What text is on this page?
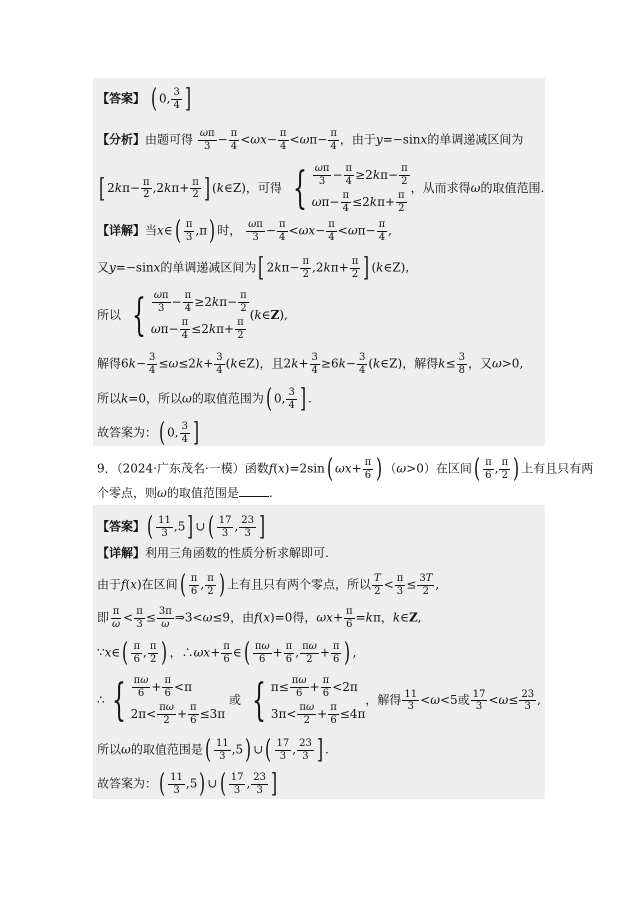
【答案】 ( 0, $\frac{3}{4}$ ]
【分析】由题可得 $\frac{\omega\pi}{3} - \frac{\pi}{4} <\omega x- \frac{\pi}{4} <\omega\pi- \frac{\pi}{4}$ ，由于y=−sinx的单调递减区间为
[ $2k\pi- \frac{\pi}{2} ,2k\pi+ \frac{\pi}{2}$ ] (k∈Z)，可得 { $\frac{\omega\pi}{3} - \frac{\pi}{4} \ge 2$ k $\pi- \frac{\pi}{2}$
ω $\pi- \frac{\pi}{4} \le 2$ k $\pi+ \frac{\pi}{2}$
，从而求得ω的取值范围.
【详解】当x∈( $\frac{\pi}{3} ,\pi$) 时， $\frac{\omega\pi}{3} - \frac{\pi}{4} <\omega x- \frac{\pi}{4} <\omega\pi- \frac{\pi}{4}$ ,
又y=−sinx的单调递减区间为[ $2k\pi- \frac{\pi}{2} ,2k\pi+ \frac{\pi}{2}$ ] (k∈Z),
所以 { $\frac{\omega\pi}{3} - \frac{\pi}{4} \ge 2$ k $\pi- \frac{\pi}{2}$
ω $\pi- \frac{\pi}{4} \le 2$ k $\pi+ \frac{\pi}{2}$
(k∈Z),
解得$6k- \frac{3}{4} \le\omega\le 2k+ \frac{3}{4}$ (k∈Z)，且$2k+ \frac{3}{4} \ge 6k- \frac{3}{4}$ (k∈Z)，解得$k\le \frac{3}{8}$ ，又ω>0,
所以k=0，所以ω的取值范围为( 0, $\frac{3}{4}$ ] .
故答案为：( 0, $\frac{3}{4}$ ]
9．（2024·广东茂名·一模）函数f(x)=2sin( $\omega x+ \frac{\pi}{6}$ ) （ω>0）在区间( $\frac{\pi}{6}$ , $\frac{\pi}{2}$ ) 上有且只有两
个零点，则ω的取值范围是	.
【答案】( $\frac{11}{3} ,5$] ∪( $\frac{17}{3}$ , $\frac{23}{3}$ ]
【详解】利用三角函数的性质分析求解即可.
由于f(x)在区间( $\frac{\pi}{6}$ , $\frac{\pi}{2}$ ) 上有且只有两个零点，所以 $\frac{T}{2} < \frac{\pi}{3} \le \frac{3T}{2}$ ,
即 $\frac{\pi}{\omega} < \frac{\pi}{3} \le \frac{3\pi}{\omega}$ ⇒3<ω≤9，由f(x)=0得，$\omega x+ \frac{\pi}{6} =k\pi$，k∈Z,
∵x∈( $\frac{\pi}{6}$ , $\frac{\pi}{2}$ ) ，∴ωx+ $\frac{\pi}{6}$ ∈( $\frac{\pi\omega}{6} + \frac{\pi}{6}$ , $\frac{\pi\omega}{2} + \frac{\pi}{6}$ ) ,
∴ { $\frac{\pi\omega}{6} + \frac{\pi}{6} <\pi$
$2\pi< \frac{\pi\omega}{2} + \frac{\pi}{6} \le 3\pi$
或 { $\pi\le \frac{\pi\omega}{6} + \frac{\pi}{6} <2\pi$
$3\pi< \frac{\pi\omega}{2} + \frac{\pi}{6} \le 4\pi$
，解得 $\frac{11}{3} <\omega<5$或 $\frac{17}{3} <\omega\le \frac{23}{3}$ ,
所以ω的取值范围是( $\frac{11}{3} ,5$) ∪( $\frac{17}{3}$ , $\frac{23}{3}$ ] .
故答案为：( $\frac{11}{3} ,5$) ∪( $\frac{17}{3}$ , $\frac{23}{3}$ ]
